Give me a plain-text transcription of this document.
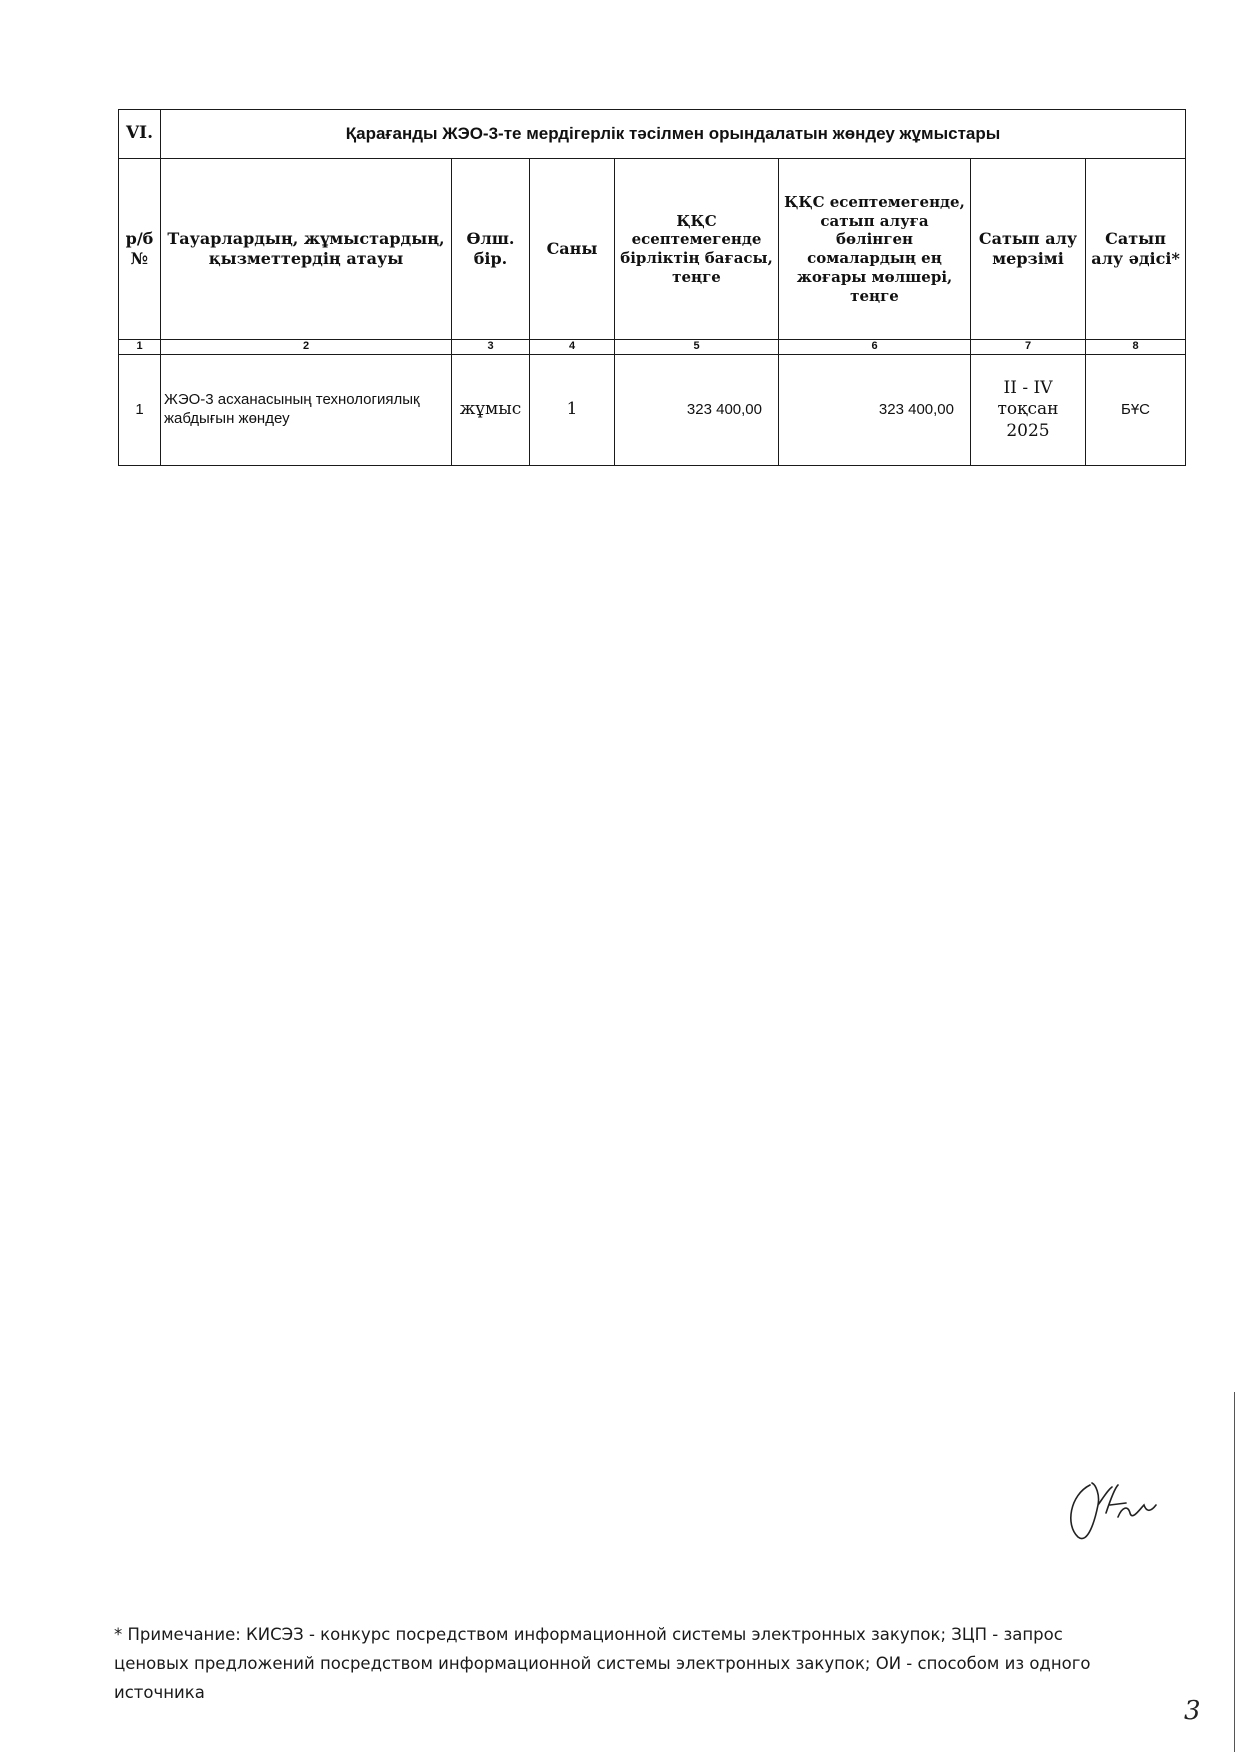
VI.	Қарағанды ЖЭО-3-те мердігерлік тәсілмен орындалатын жөндеу жұмыстары						
р/б №	Тауарлардың, жұмыстардың, қызметтердің атауы	Өлш. бір.	Саны	ҚҚС есептемегенде бірліктің бағасы, теңге	ҚҚС есептемегенде, сатып алуға бөлінген сомалардың ең жоғары мөлшері, теңге	Сатып алу мерзімі	Сатып алу әдісі*
1	2	3	4	5	6	7	8
1	ЖЭО-3 асханасының технологиялық жабдығын жөндеу	жұмыс	1	323 400,00	323 400,00	II - IV тоқсан 2025	БҰС
* Примечание: КИСЭЗ - конкурс посредством информационной системы электронных закупок; ЗЦП - запрос ценовых предложений посредством информационной системы электронных закупок; ОИ - способом из одного источника
3
